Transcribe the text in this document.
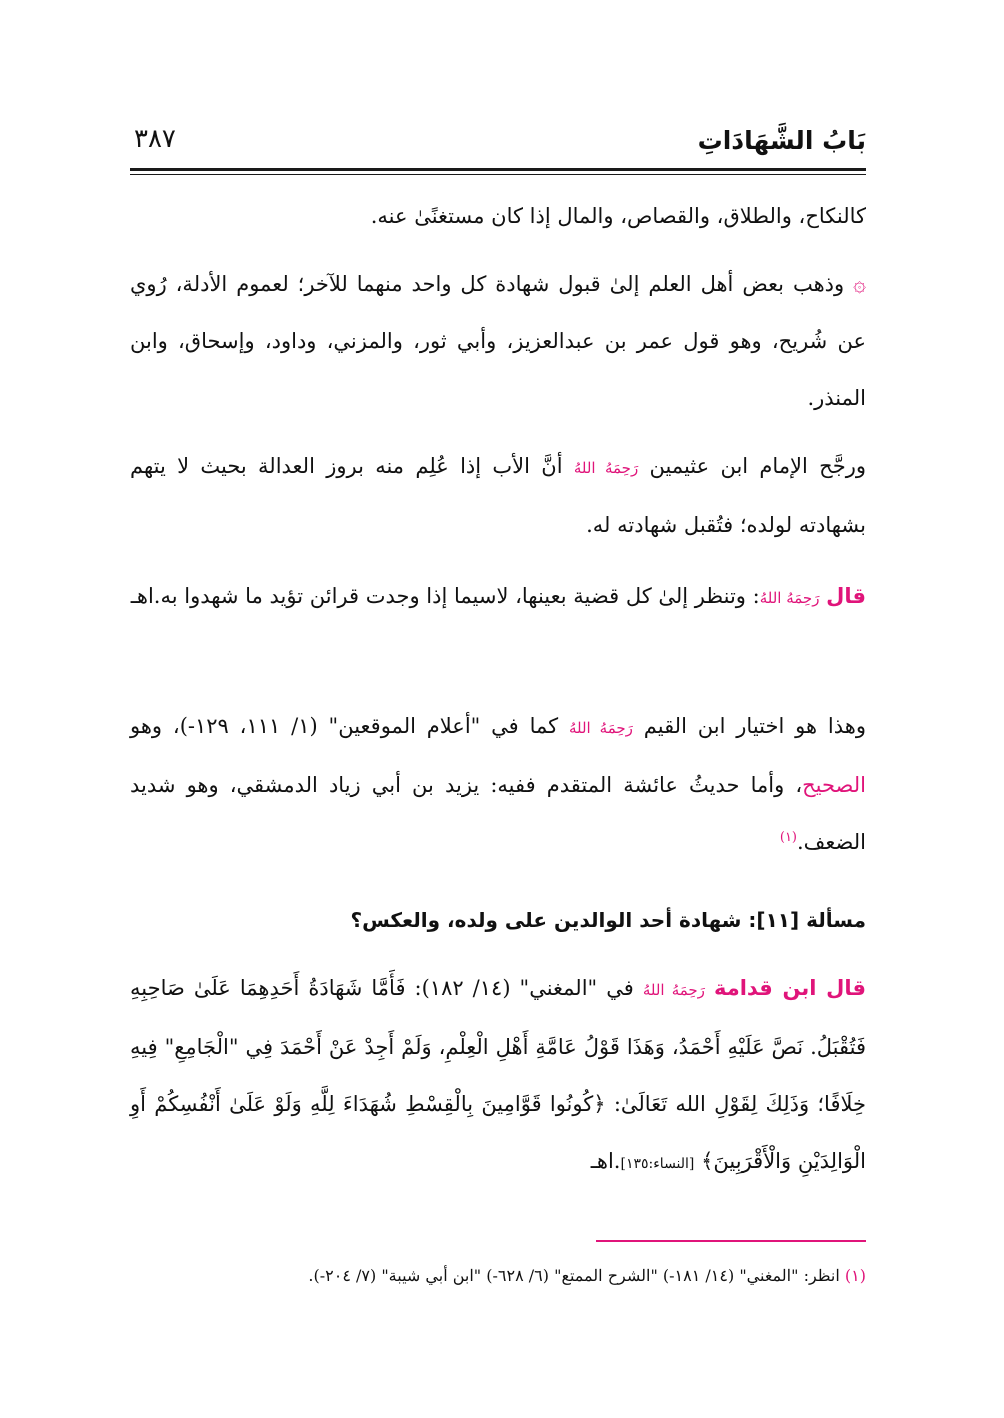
بَابُ الشَّهَادَاتِ
٣٨٧
كالنكاح، والطلاق، والقصاص، والمال إذا كان مستغنًىٰ عنه.
۞ وذهب بعض أهل العلم إلىٰ قبول شهادة كل واحد منهما للآخر؛ لعموم الأدلة، رُوي عن شُريح، وهو قول عمر بن عبدالعزيز، وأبي ثور، والمزني، وداود، وإسحاق، وابن المنذر.
ورجَّح الإمام ابن عثيمين رَحِمَهُ اللهُ أنَّ الأب إذا عُلِم منه بروز العدالة بحيث لا يتهم بشهادته لولده؛ فتُقبل شهادته له.
قال رَحِمَهُ اللهُ: وتنظر إلىٰ كل قضية بعينها، لاسيما إذا وجدت قرائن تؤيد ما شهدوا به.اهـ
وهذا هو اختيار ابن القيم رَحِمَهُ اللهُ كما في "أعلام الموقعين" (١/ ١١١، ١٢٩-)، وهو الصحيح، وأما حديثُ عائشة المتقدم ففيه: يزيد بن أبي زياد الدمشقي، وهو شديد الضعف.$^{(١)}$
مسألة [١١]: شهادة أحد الوالدين على ولده، والعكس؟
قال ابن قدامة رَحِمَهُ اللهُ في "المغني" (١٤/ ١٨٢): فَأَمَّا شَهَادَةُ أَحَدِهِمَا عَلَىٰ صَاحِبِهِ فَتُقْبَلُ. نَصَّ عَلَيْهِ أَحْمَدُ، وَهَذَا قَوْلُ عَامَّةِ أَهْلِ الْعِلْمِ، وَلَمْ أَجِدْ عَنْ أَحْمَدَ فِي "الْجَامِعِ" فِيهِ خِلَافًا؛ وَذَلِكَ لِقَوْلِ الله تَعَالَىٰ: ﴿كُونُوا قَوَّامِينَ بِالْقِسْطِ شُهَدَاءَ لِلَّهِ وَلَوْ عَلَىٰ أَنْفُسِكُمْ أَوِ الْوَالِدَيْنِ وَالْأَقْرَبِينَ﴾ [النساء:١٣٥].اهـ
(١) انظر: "المغني" (١٤/ ١٨١-) "الشرح الممتع" (٦/ ٦٢٨-) "ابن أبي شيبة" (٧/ ٢٠٤-).
